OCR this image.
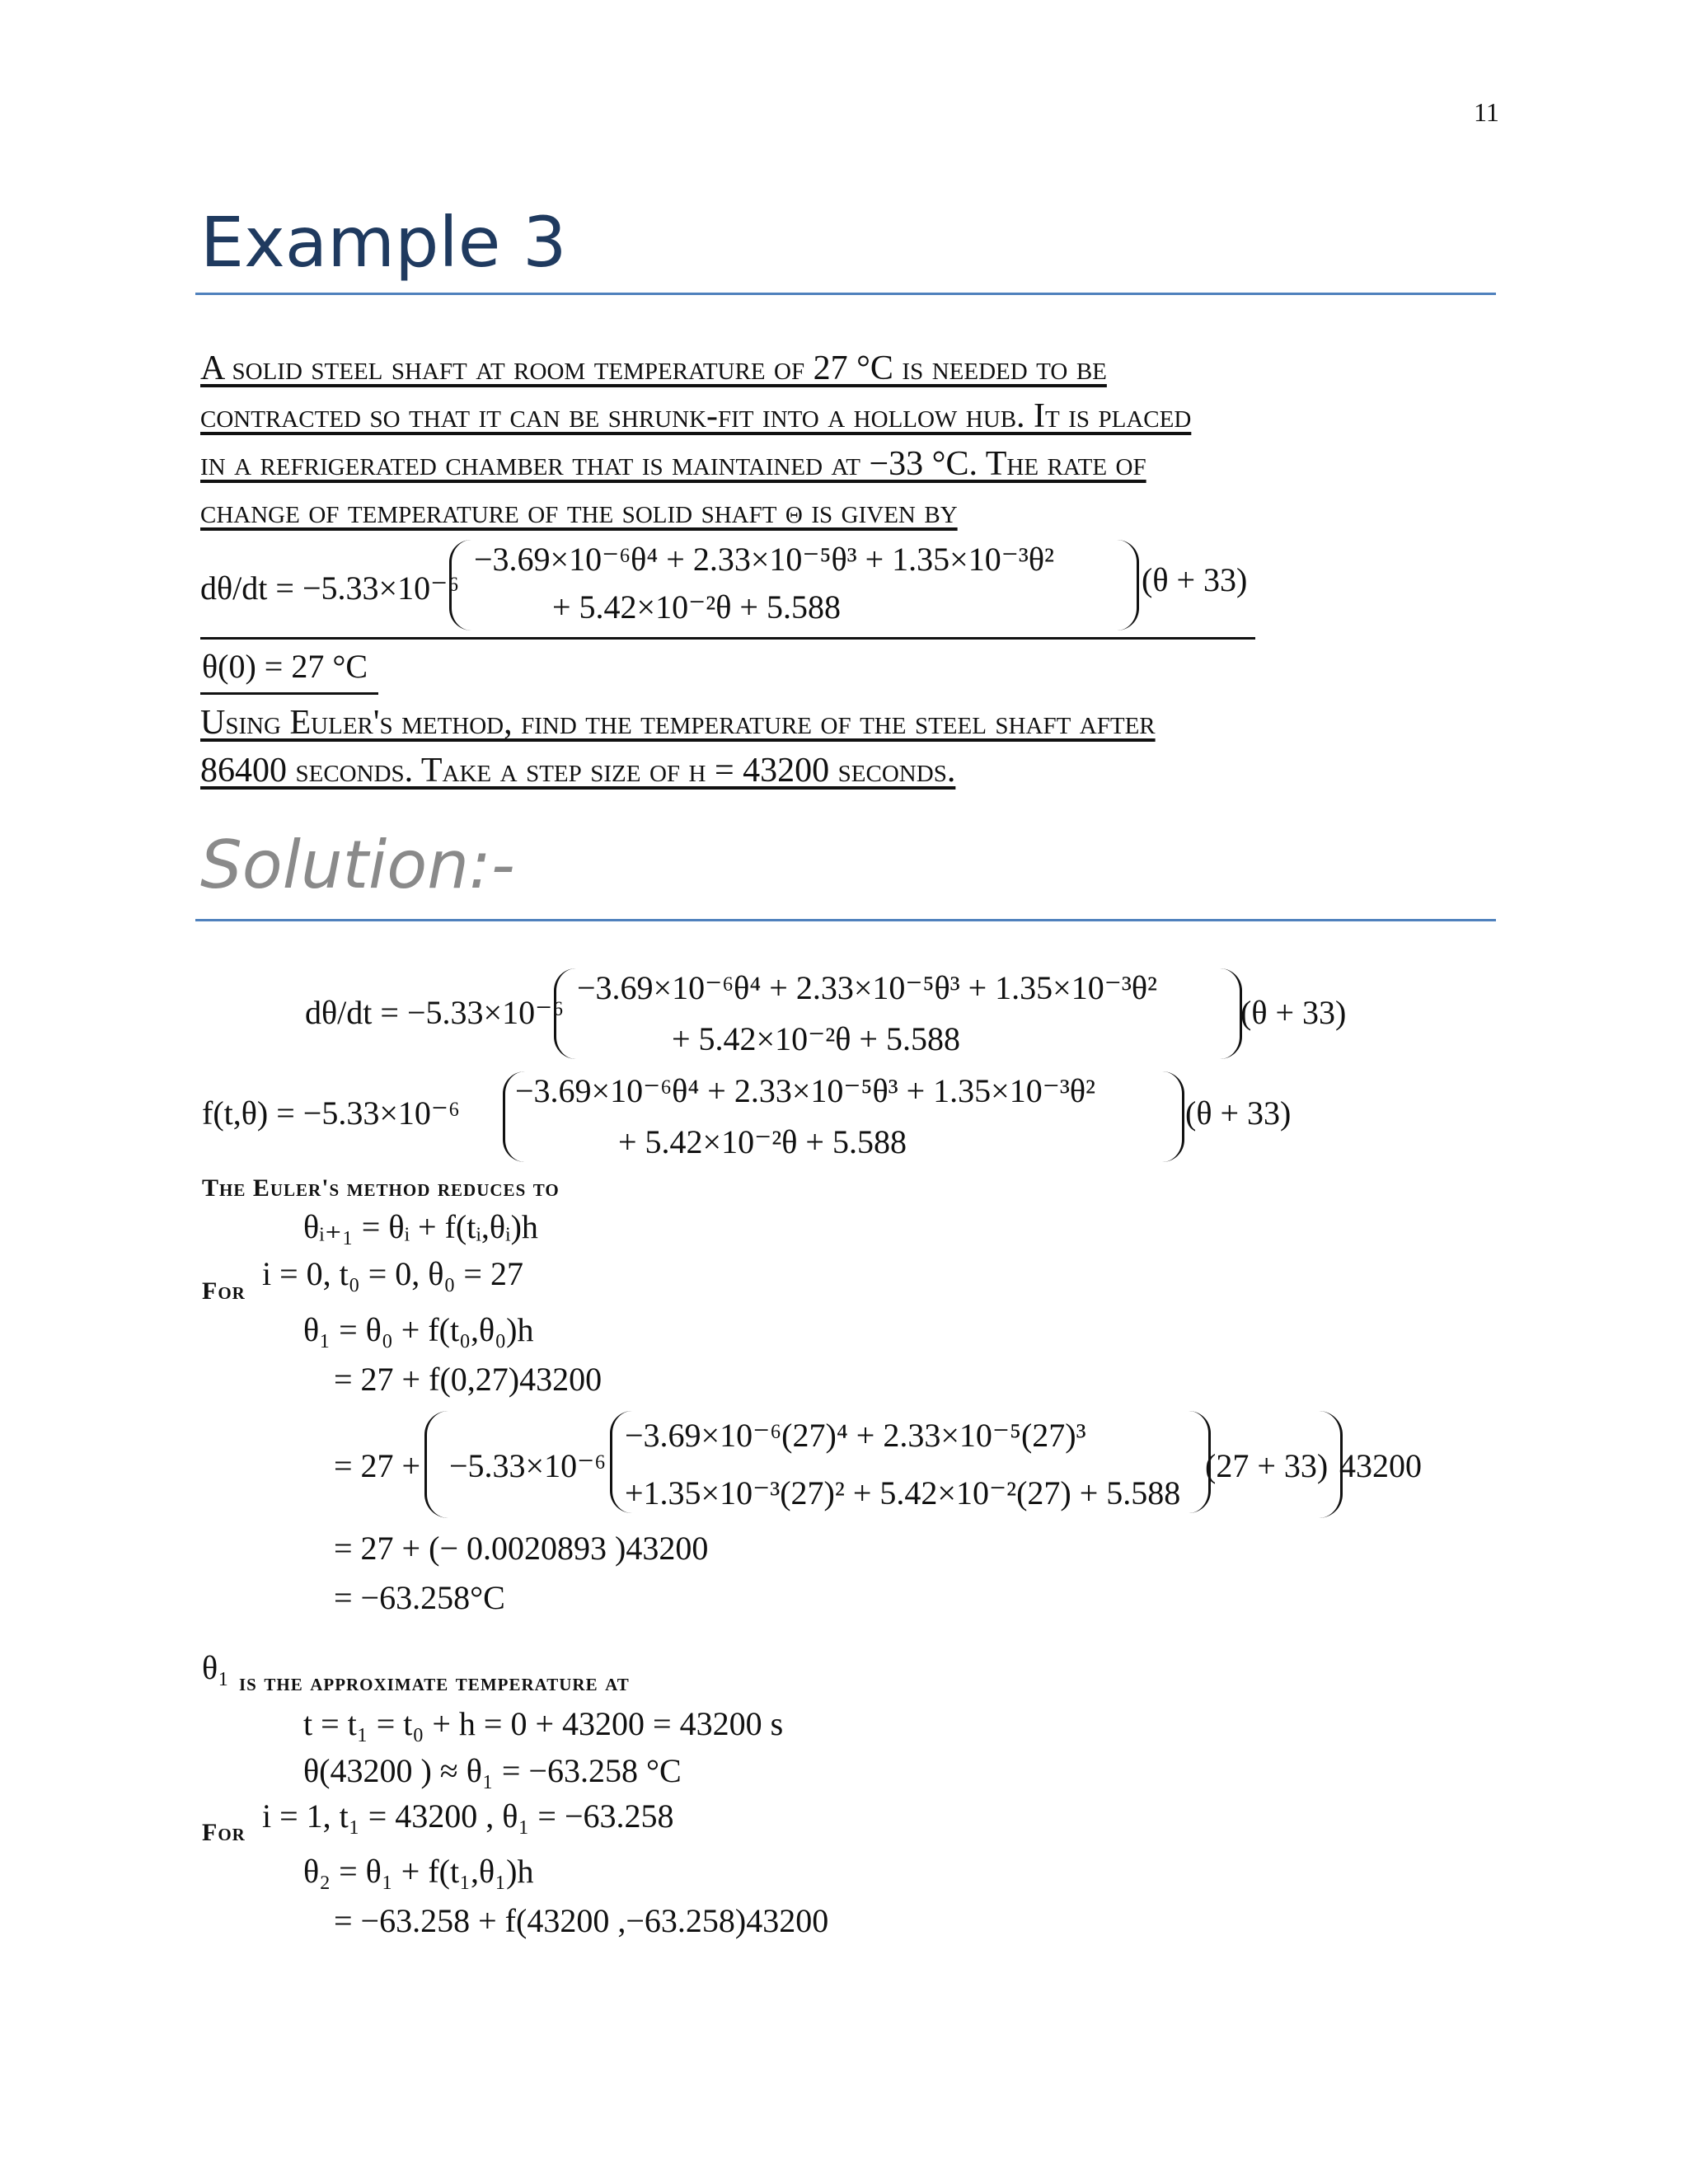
11
Example 3
A solid steel shaft at room temperature of 27 °C is needed to be
contracted so that it can be shrunk-fit into a hollow hub. It is placed
in a refrigerated chamber that is maintained at −33 °C. The rate of
change of temperature of the solid shaft θ is given by
dθ/dt = −5.33×10⁻⁶
−3.69×10⁻⁶θ⁴ + 2.33×10⁻⁵θ³ + 1.35×10⁻³θ²
+ 5.42×10⁻²θ + 5.588
(θ + 33)
θ(0) = 27 °C
Using Euler's method, find the temperature of the steel shaft after
86400 seconds. Take a step size of h = 43200 seconds.
Solution:-
dθ/dt = −5.33×10⁻⁶
−3.69×10⁻⁶θ⁴ + 2.33×10⁻⁵θ³ + 1.35×10⁻³θ²
+ 5.42×10⁻²θ + 5.588
(θ + 33)
f(t,θ) = −5.33×10⁻⁶
−3.69×10⁻⁶θ⁴ + 2.33×10⁻⁵θ³ + 1.35×10⁻³θ²
+ 5.42×10⁻²θ + 5.588
(θ + 33)
The Euler's method reduces to
θᵢ₊₁ = θᵢ + f(tᵢ,θᵢ)h
For i = 0, t₀ = 0, θ₀ = 27
θ₁ = θ₀ + f(t₀,θ₀)h
= 27 + f(0,27)43200
= 27 + −5.33×10⁻⁶
−3.69×10⁻⁶(27)⁴ + 2.33×10⁻⁵(27)³
+1.35×10⁻³(27)² + 5.42×10⁻²(27) + 5.588
(27 + 33) 43200
= 27 + (− 0.0020893 )43200
= −63.258°C
θ₁ is the approximate temperature at
t = t₁ = t₀ + h = 0 + 43200 = 43200 s
θ(43200 ) ≈ θ₁ = −63.258 °C
For i = 1, t₁ = 43200 , θ₁ = −63.258
θ₂ = θ₁ + f(t₁,θ₁)h
= −63.258 + f(43200 ,−63.258)43200
